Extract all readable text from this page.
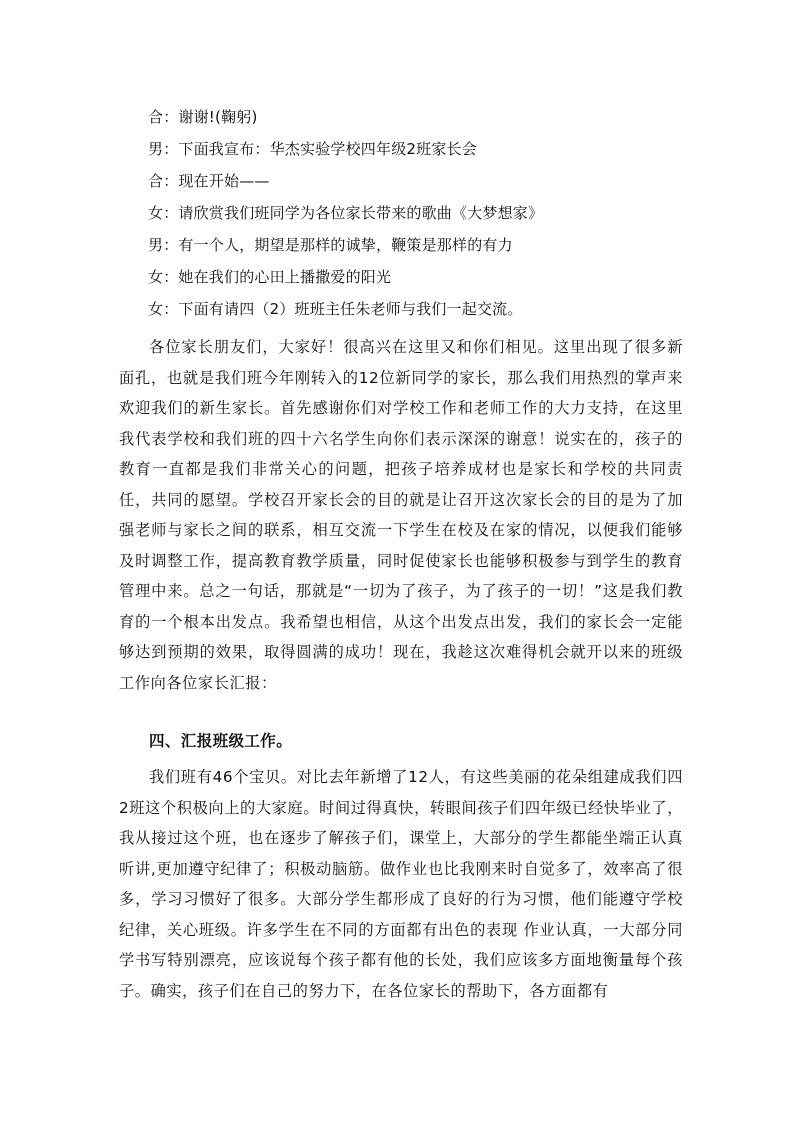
合：谢谢!(鞠躬)
男：下面我宣布：华杰实验学校四年级2班家长会
合：现在开始——
女：请欣赏我们班同学为各位家长带来的歌曲《大梦想家》
男：有一个人，期望是那样的诚挚，鞭策是那样的有力
女：她在我们的心田上播撒爱的阳光
女：下面有请四（2）班班主任朱老师与我们一起交流。

各位家长朋友们，大家好！很高兴在这里又和你们相见。这里出现了很多新面孔，也就是我们班今年刚转入的12位新同学的家长，那么我们用热烈的掌声来欢迎我们的新生家长。首先感谢你们对学校工作和老师工作的大力支持，在这里我代表学校和我们班的四十六名学生向你们表示深深的谢意！说实在的，孩子的教育一直都是我们非常关心的问题，把孩子培养成材也是家长和学校的共同责任，共同的愿望。学校召开家长会的目的就是让召开这次家长会的目的是为了加强老师与家长之间的联系，相互交流一下学生在校及在家的情况，以便我们能够及时调整工作，提高教育教学质量，同时促使家长也能够积极参与到学生的教育管理中来。总之一句话，那就是“一切为了孩子，为了孩子的一切！”这是我们教育的一个根本出发点。我希望也相信，从这个出发点出发，我们的家长会一定能够达到预期的效果，取得圆满的成功！现在，我趁这次难得机会就开以来的班级工作向各位家长汇报：

四、汇报班级工作。

我们班有46个宝贝。对比去年新增了12人，有这些美丽的花朵组建成我们四2班这个积极向上的大家庭。时间过得真快，转眼间孩子们四年级已经快毕业了，我从接过这个班，也在逐步了解孩子们，课堂上，大部分的学生都能坐端正认真听讲,更加遵守纪律了；积极动脑筋。做作业也比我刚来时自觉多了，效率高了很多，学习习惯好了很多。大部分学生都形成了良好的行为习惯，他们能遵守学校纪律，关心班级。许多学生在不同的方面都有出色的表现 作业认真，一大部分同学书写特别漂亮，应该说每个孩子都有他的长处，我们应该多方面地衡量每个孩子。确实，孩子们在自己的努力下，在各位家长的帮助下，各方面都有
